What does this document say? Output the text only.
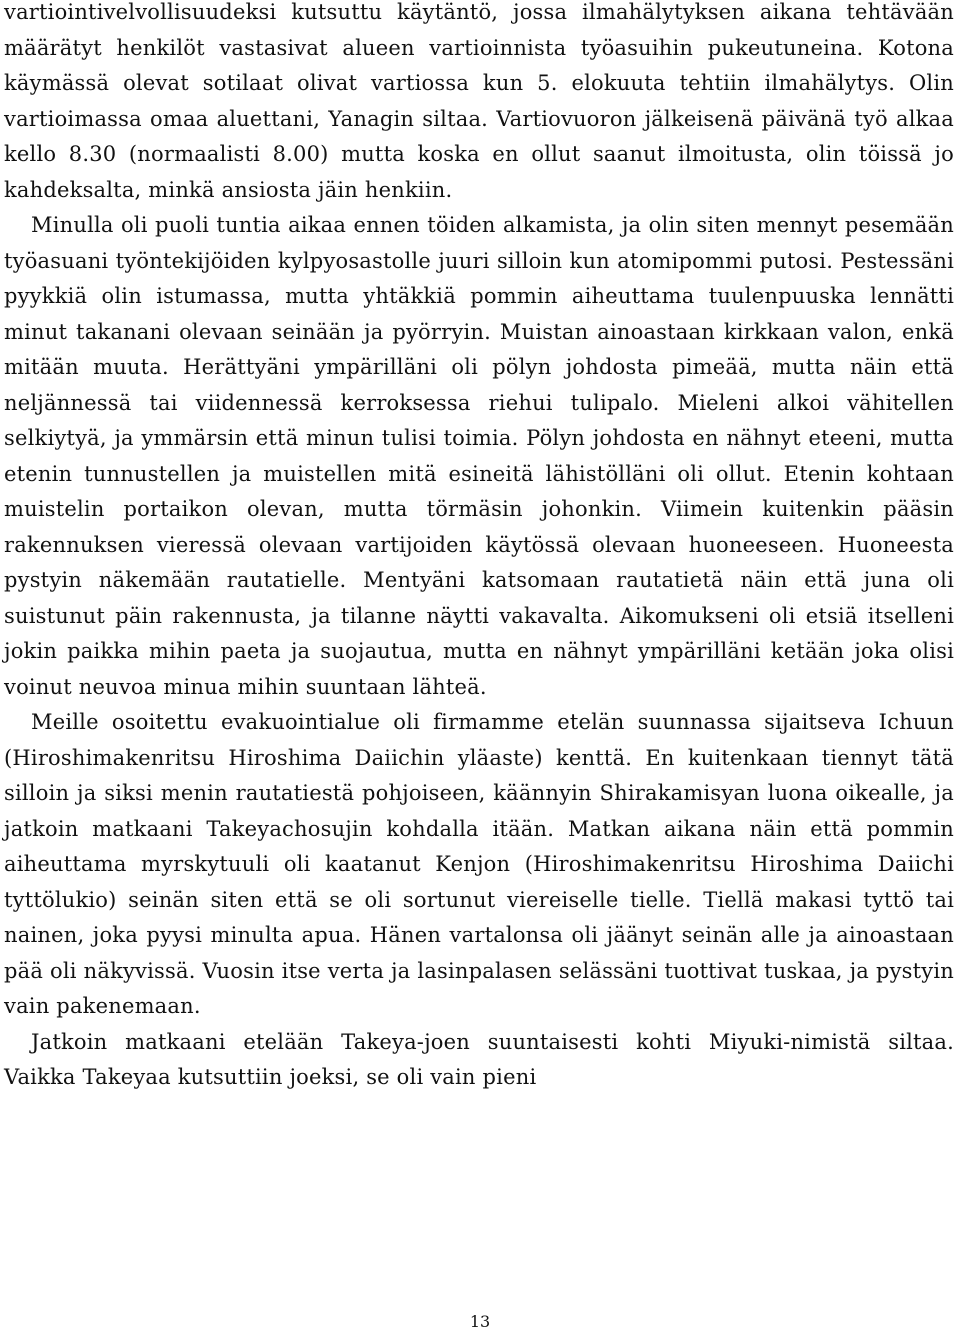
vartiointivelvollisuudeksi kutsuttu käytäntö, jossa ilmahälytyksen aikana tehtävään määrätyt henkilöt vastasivat alueen vartioinnista työasuihin pukeutuneina. Kotona käymässä olevat sotilaat olivat vartiossa kun 5. elokuuta tehtiin ilmahälytys. Olin vartioimassa omaa aluettani, Yanagin siltaa. Vartiovuoron jälkeisenä päivänä työ alkaa kello 8.30 (normaalisti 8.00) mutta koska en ollut saanut ilmoitusta, olin töissä jo kahdeksalta, minkä ansiosta jäin henkiin.

Minulla oli puoli tuntia aikaa ennen töiden alkamista, ja olin siten mennyt pesemään työasuani työntekijöiden kylpyosastolle juuri silloin kun atomipommi putosi. Pestessäni pyykkiä olin istumassa, mutta yhtäkkiä pommin aiheuttama tuulenpuuska lennätti minut takanani olevaan seinään ja pyörryin. Muistan ainoastaan kirkkaan valon, enkä mitään muuta. Herättyäni ympärilläni oli pölyn johdosta pimeää, mutta näin että neljännessä tai viidennessä kerroksessa riehui tulipalo. Mieleni alkoi vähitellen selkiytyä, ja ymmärsin että minun tulisi toimia. Pölyn johdosta en nähnyt eteeni, mutta etenin tunnustellen ja muistellen mitä esineitä lähistölläni oli ollut. Etenin kohtaan muistelin portaikon olevan, mutta törmäsin johonkin. Viimein kuitenkin pääsin rakennuksen vieressä olevaan vartijoiden käytössä olevaan huoneeseen. Huoneesta pystyin näkemään rautatielle. Mentyäni katsomaan rautatietä näin että juna oli suistunut päin rakennusta, ja tilanne näytti vakavalta. Aikomukseni oli etsiä itselleni jokin paikka mihin paeta ja suojautua, mutta en nähnyt ympärilläni ketään joka olisi voinut neuvoa minua mihin suuntaan lähteä.

Meille osoitettu evakuointialue oli firmamme etelän suunnassa sijaitseva Ichuun (Hiroshimakenritsu Hiroshima Daiichin yläaste) kenttä. En kuitenkaan tiennyt tätä silloin ja siksi menin rautatiestä pohjoiseen, käännyin Shirakamisyan luona oikealle, ja jatkoin matkaani Takeyachosujin kohdalla itään. Matkan aikana näin että pommin aiheuttama myrskytuuli oli kaatanut Kenjon (Hiroshimakenritsu Hiroshima Daiichi tyttölukio) seinän siten että se oli sortunut viereiselle tielle. Tiellä makasi tyttö tai nainen, joka pyysi minulta apua. Hänen vartalonsa oli jäänyt seinän alle ja ainoastaan pää oli näkyvissä. Vuosin itse verta ja lasinpalasen selässäni tuottivat tuskaa, ja pystyin vain pakenemaan.

Jatkoin matkaani etelään Takeya-joen suuntaisesti kohti Miyuki-nimistä siltaa. Vaikka Takeyaa kutsuttiin joeksi, se oli vain pieni

13
